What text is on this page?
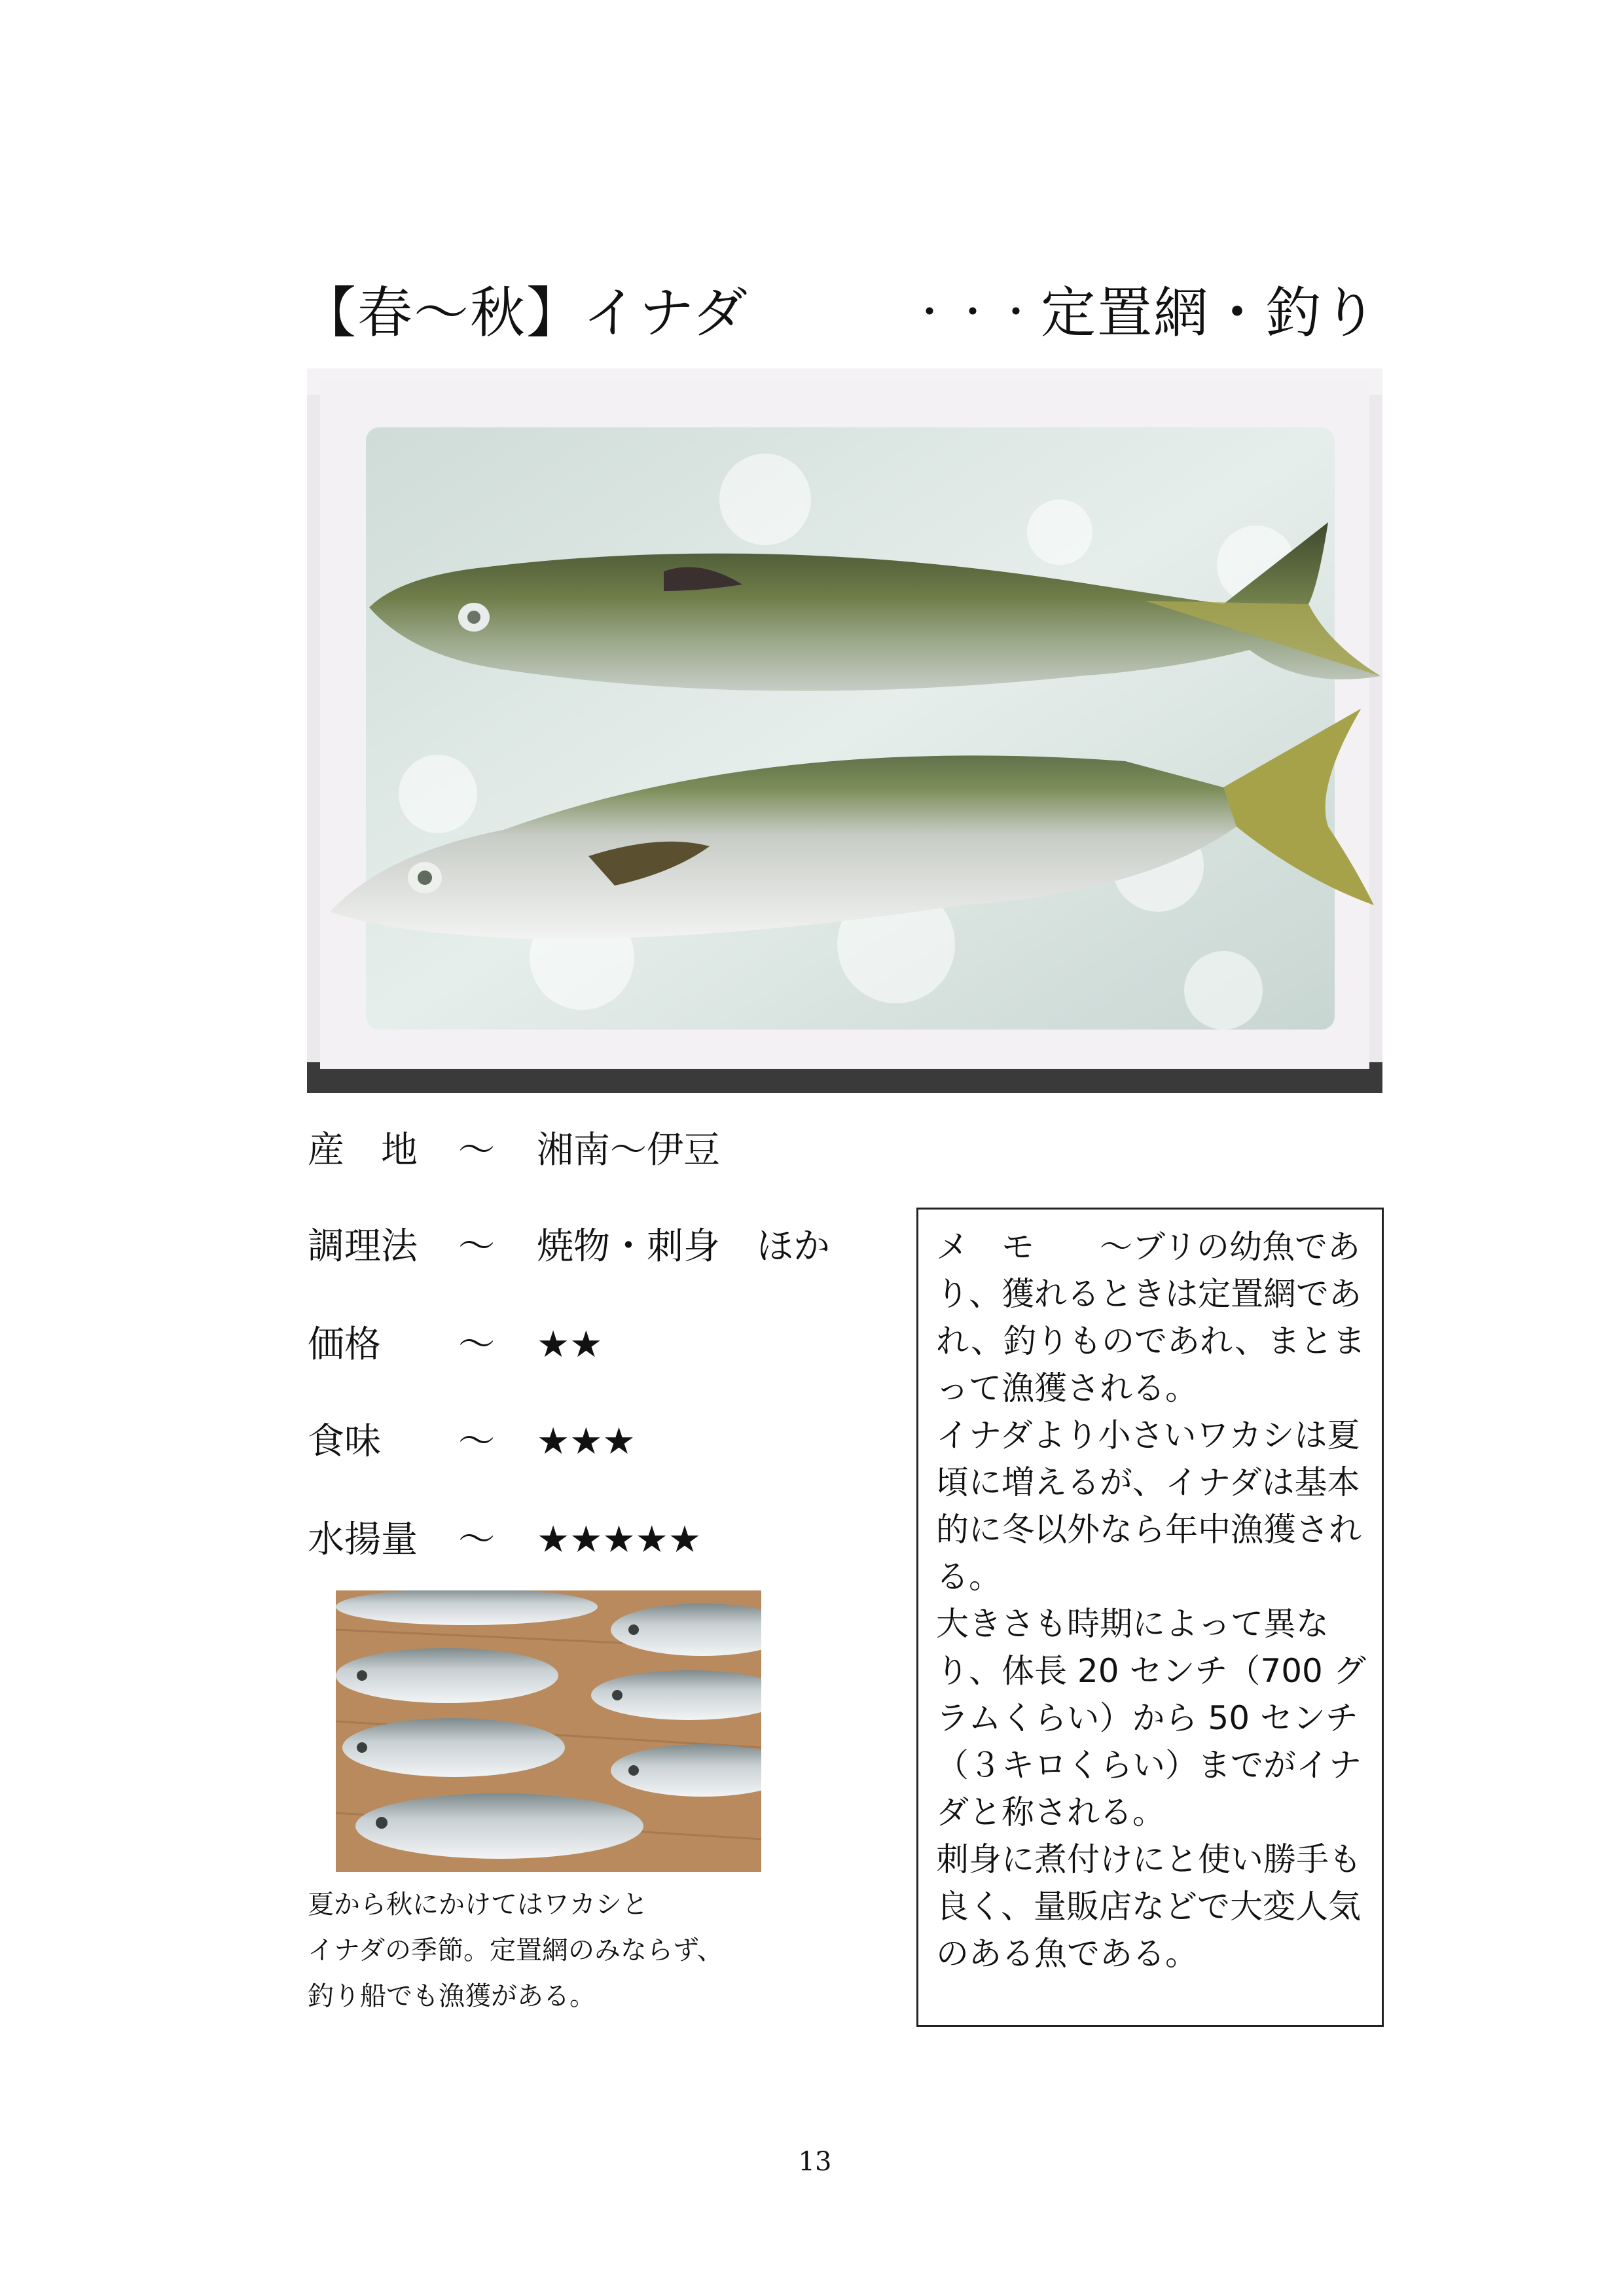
【春〜秋】イナダ	・・・ 定置網・釣り
産　地 〜 湘南〜伊豆
調理法 〜 焼物・刺身　ほか
価格 〜 ★★
食味 〜 ★★★
水揚量 〜 ★★★★★
夏から秋にかけてはワカシと
イナダの季節。定置網のみならず、
釣り船でも漁獲がある。
メ　モ　　〜ブリの幼魚であ
り、獲れるときは定置網であ
れ、釣りものであれ、まとま
って漁獲される。
イナダより小さいワカシは夏
頃に増えるが、イナダは基本
的に冬以外なら年中漁獲され
る。
大きさも時期によって異な
り、体長 20 センチ（700 グ
ラムくらい）から 50 センチ
（３キロくらい）までがイナ
ダと称される。
刺身に煮付けにと使い勝手も
良く、量販店などで大変人気
のある魚である。
13
